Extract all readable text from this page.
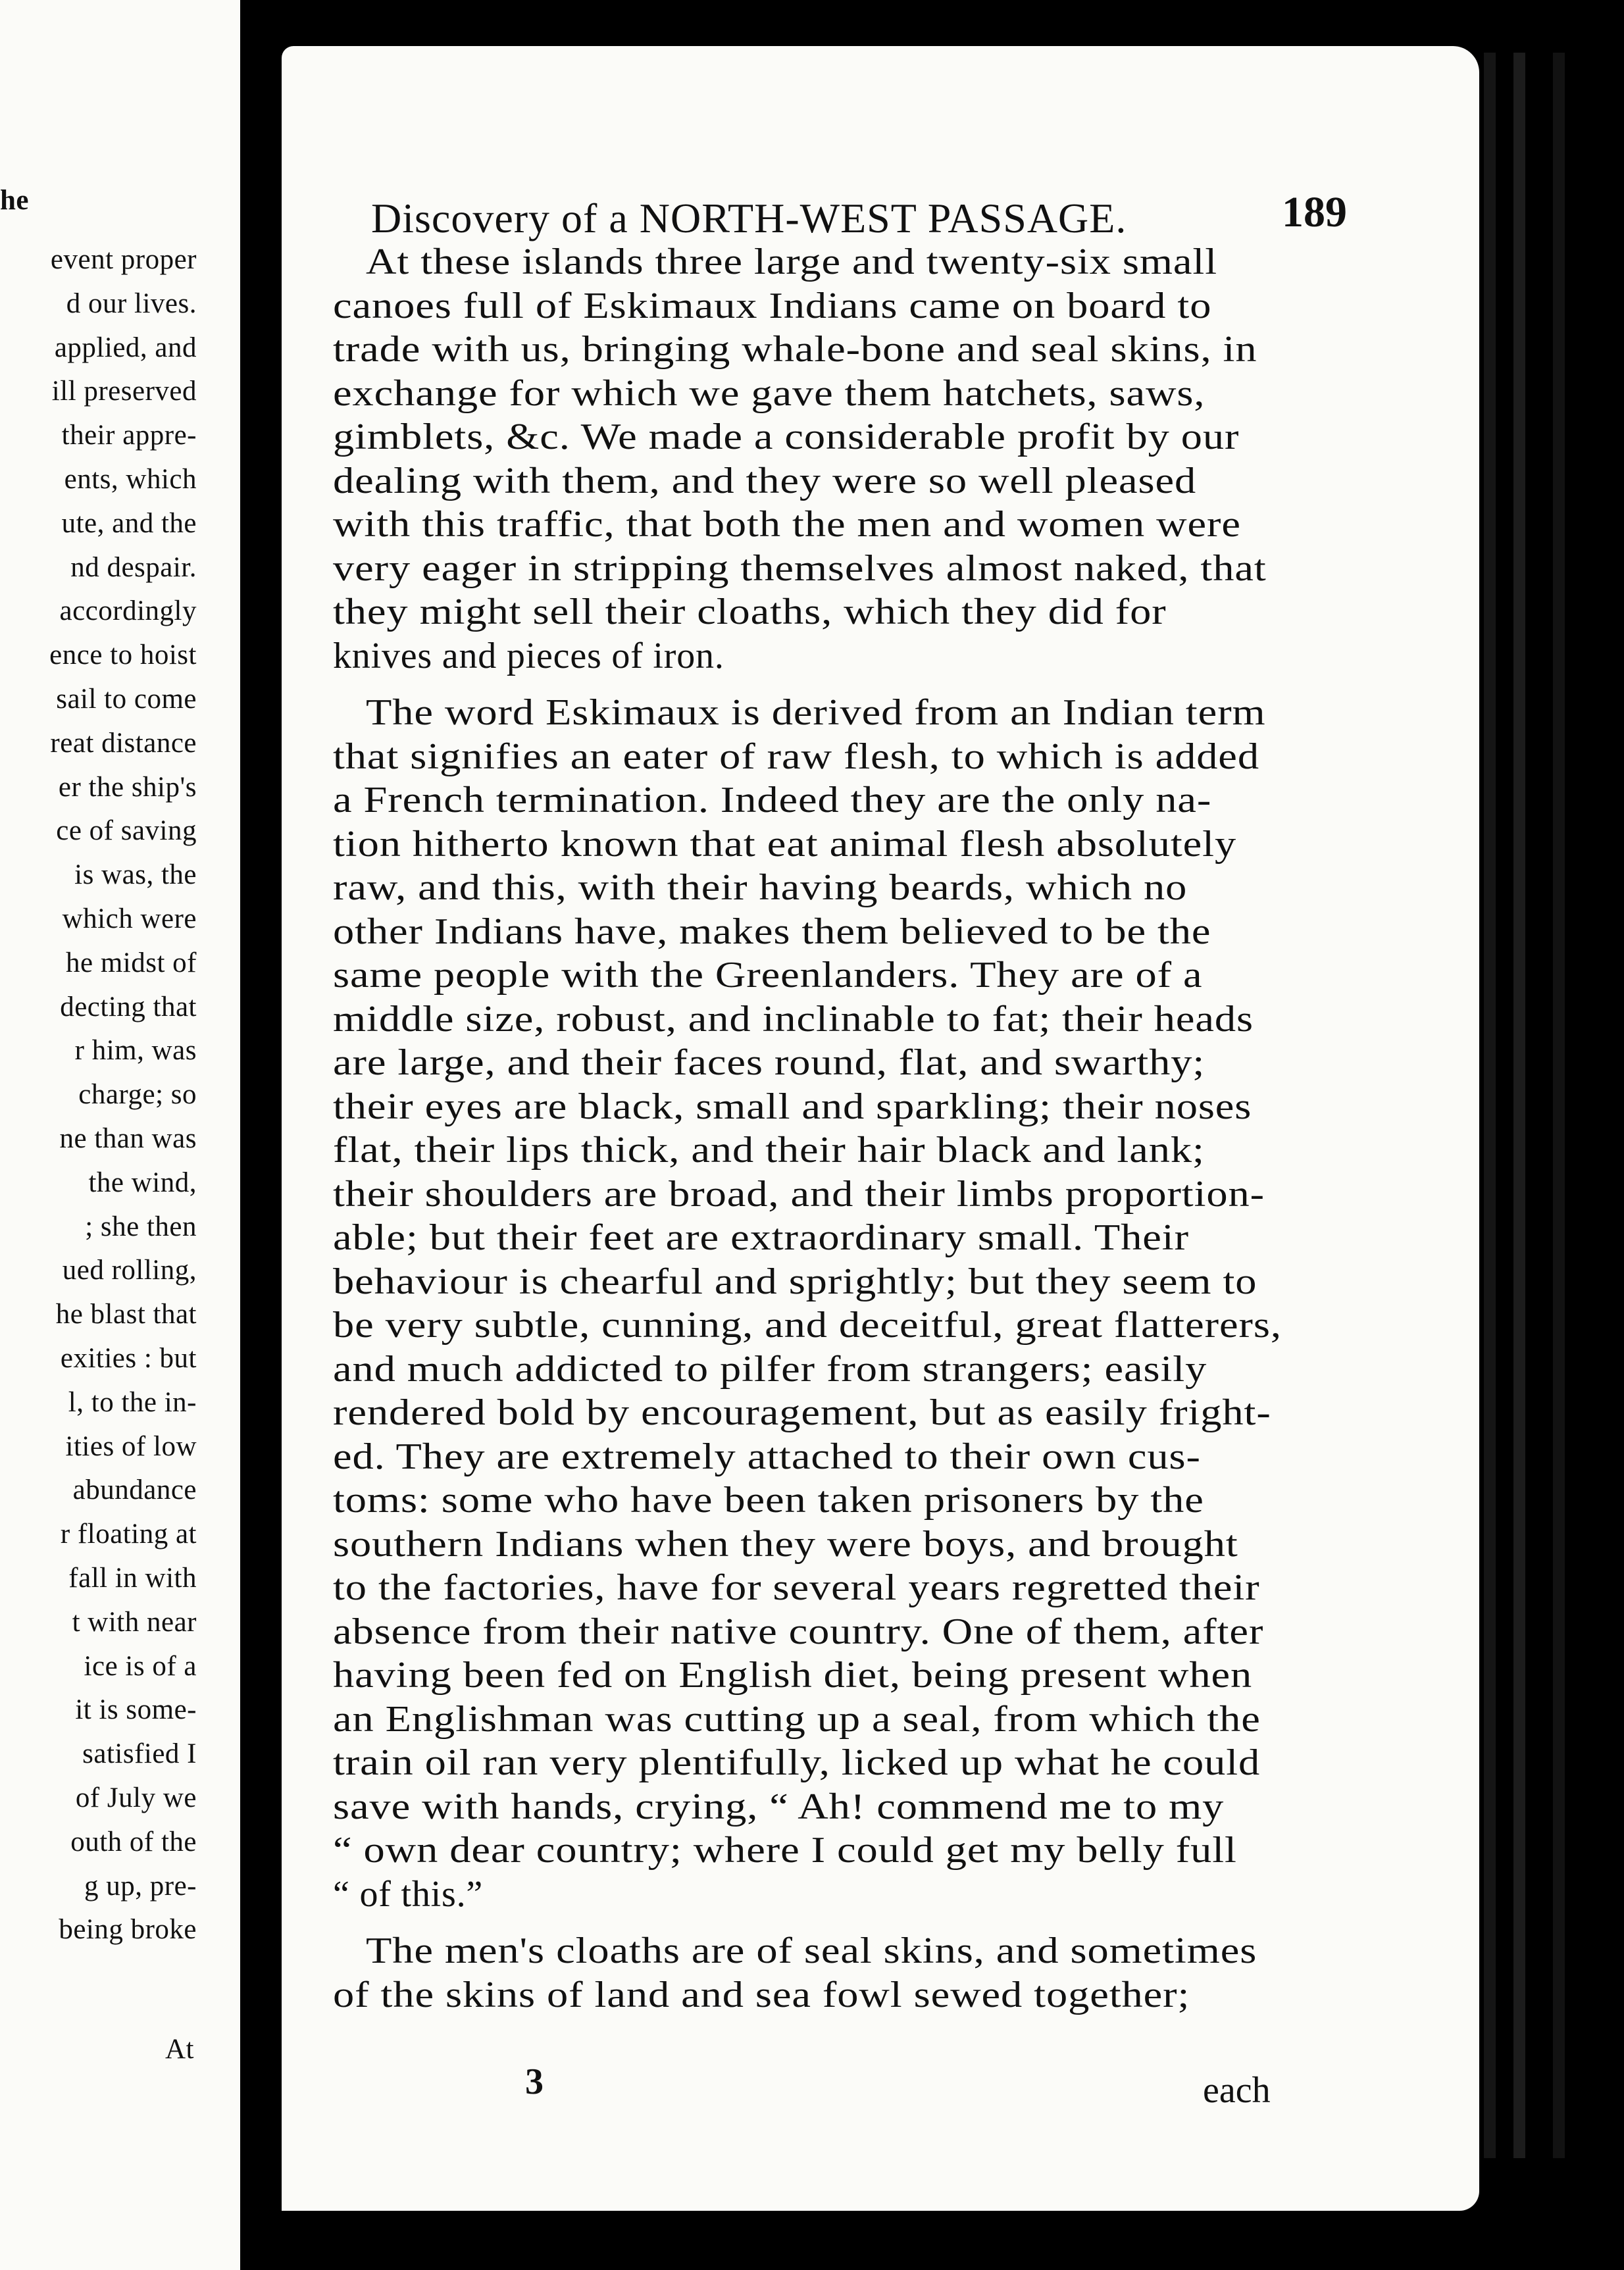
he
event proper
d our lives.
applied, and
ill preserved
their appre-
ents, which
ute, and the
nd despair.
accordingly
ence to hoist
sail to come
reat distance
er the ship's
ce of saving
is was, the
which were
he midst of
decting that
r him, was
charge; so
ne than was
the wind,
; she then
ued rolling,
he blast that
exities : but
l, to the in-
ities of low
abundance
r floating at
fall in with
t with near
ice is of a
it is some-
satisfied I
of July we
outh of the
g up, pre-
being broke
At
Discovery of a NORTH-WEST PASSAGE.	189
At these islands three large and twenty-six small
canoes full of Eskimaux Indians came on board to
trade with us, bringing whale-bone and seal skins, in
exchange for which we gave them hatchets, saws,
gimblets, &c. We made a considerable profit by our
dealing with them, and they were so well pleased
with this traffic, that both the men and women were
very eager in stripping themselves almost naked, that
they might sell their cloaths, which they did for
knives and pieces of iron.
The word Eskimaux is derived from an Indian term
that signifies an eater of raw flesh, to which is added
a French termination. Indeed they are the only na-
tion hitherto known that eat animal flesh absolutely
raw, and this, with their having beards, which no
other Indians have, makes them believed to be the
same people with the Greenlanders. They are of a
middle size, robust, and inclinable to fat; their heads
are large, and their faces round, flat, and swarthy;
their eyes are black, small and sparkling; their noses
flat, their lips thick, and their hair black and lank;
their shoulders are broad, and their limbs proportion-
able; but their feet are extraordinary small. Their
behaviour is chearful and sprightly; but they seem to
be very subtle, cunning, and deceitful, great flatterers,
and much addicted to pilfer from strangers; easily
rendered bold by encouragement, but as easily fright-
ed. They are extremely attached to their own cus-
toms: some who have been taken prisoners by the
southern Indians when they were boys, and brought
to the factories, have for several years regretted their
absence from their native country. One of them, after
having been fed on English diet, being present when
an Englishman was cutting up a seal, from which the
train oil ran very plentifully, licked up what he could
save with hands, crying, “ Ah! commend me to my
“ own dear country; where I could get my belly full
“ of this.”
The men's cloaths are of seal skins, and sometimes
of the skins of land and sea fowl sewed together;
3	each
